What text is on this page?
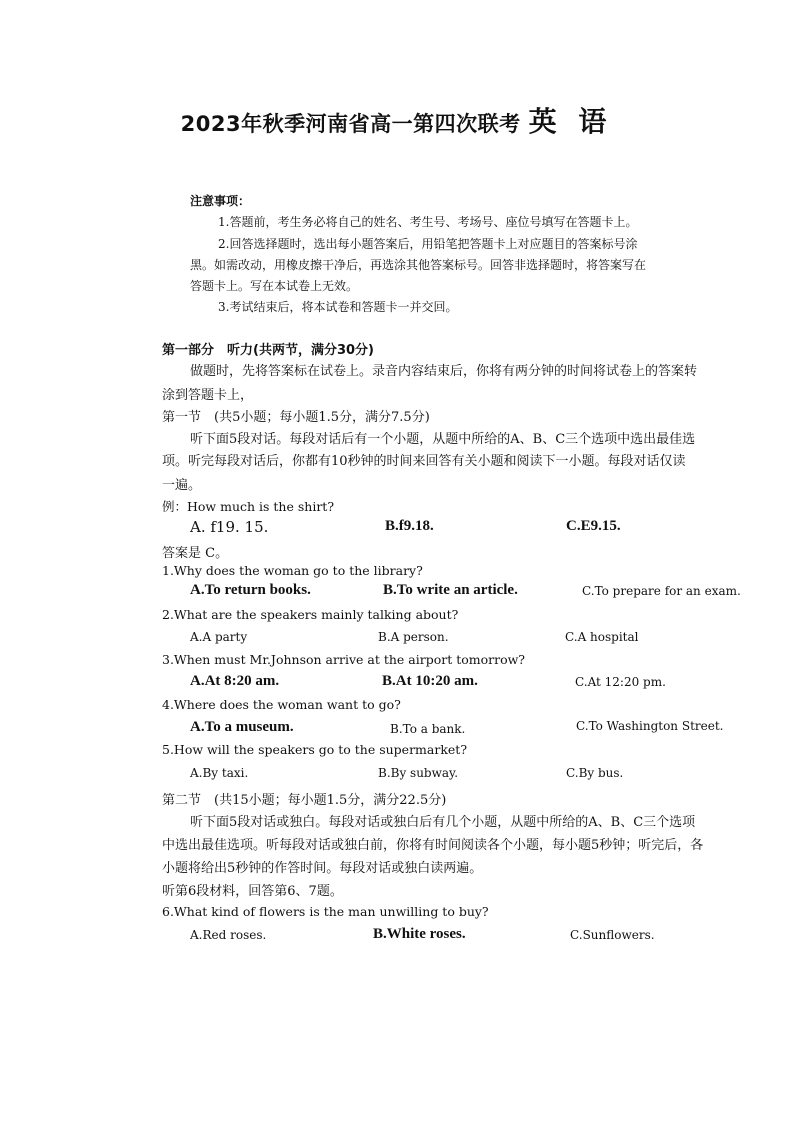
2023年秋季河南省高一第四次联考 英 语
注意事项：
1.答题前，考生务必将自己的姓名、考生号、考场号、座位号填写在答题卡上。
2.回答选择题时，选出每小题答案后，用铅笔把答题卡上对应题目的答案标号涂
黑。如需改动，用橡皮擦干净后，再选涂其他答案标号。回答非选择题时，将答案写在
答题卡上。写在本试卷上无效。
3.考试结束后，将本试卷和答题卡一并交回。
第一部分　听力(共两节，满分30分)
做题时，先将答案标在试卷上。录音内容结束后，你将有两分钟的时间将试卷上的答案转
涂到答题卡上，
第一节　(共5小题；每小题1.5分，满分7.5分)
听下面5段对话。每段对话后有一个小题，从题中所给的A、B、C三个选项中选出最佳选
项。听完每段对话后，你都有10秒钟的时间来回答有关小题和阅读下一小题。每段对话仅读
一遍。
例：How much is the shirt?
A. f19. 15.	B.f9.18.	C.E9.15.
答案是 C。
1.Why does the woman go to the library?
A.To return books.	B.To write an article.	C.To prepare for an exam.
2.What are the speakers mainly talking about?
A.A party	B.A person.	C.A hospital
3.When must Mr.Johnson arrive at the airport tomorrow?
A.At 8:20 am.	B.At 10:20 am.	C.At 12:20 pm.
4.Where does the woman want to go?
A.To a museum.	B.To a bank.	C.To Washington Street.
5.How will the speakers go to the supermarket?
A.By taxi.	B.By subway.	C.By bus.
第二节　(共15小题；每小题1.5分，满分22.5分)
听下面5段对话或独白。每段对话或独白后有几个小题，从题中所给的A、B、C三个选项
中选出最佳选项。听每段对话或独白前，你将有时间阅读各个小题，每小题5秒钟；听完后，各
小题将给出5秒钟的作答时间。每段对话或独白读两遍。
听第6段材料，回答第6、7题。
6.What kind of flowers is the man unwilling to buy?
A.Red roses.	B.White roses.	C.Sunflowers.
